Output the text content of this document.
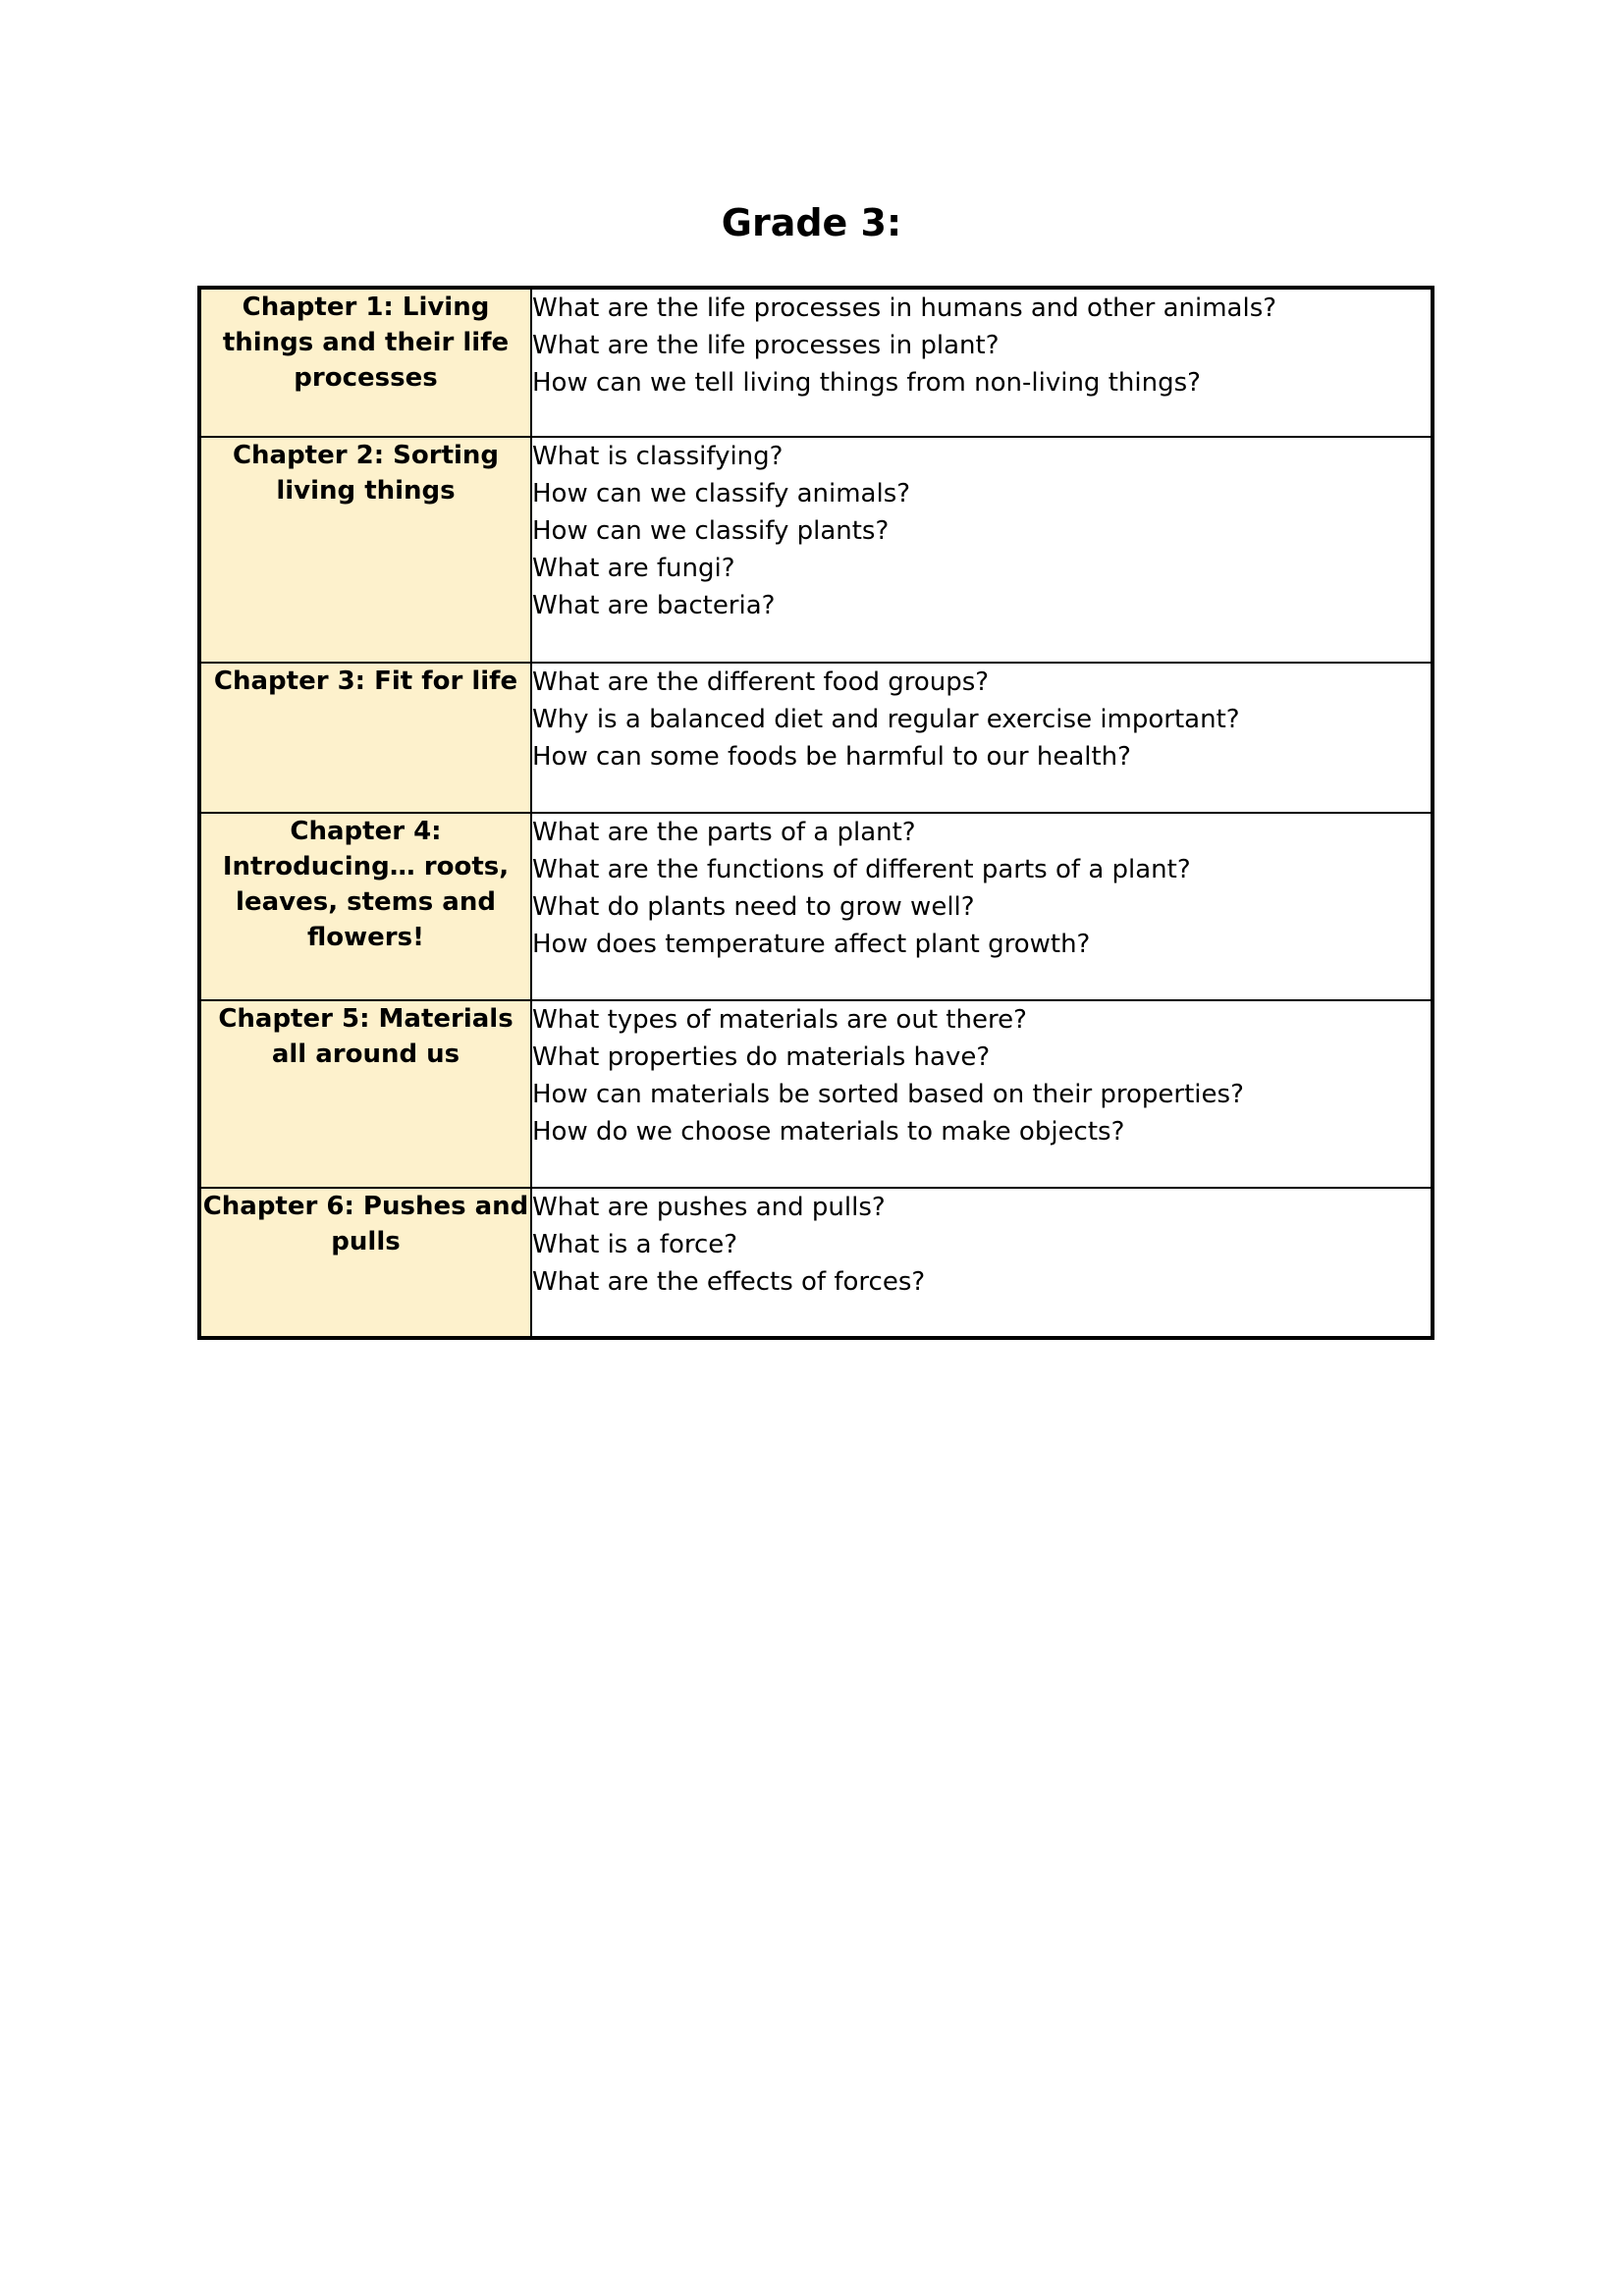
Grade 3:
Chapter 1: Living things and their life processes	What are the life processes in humans and other animals?
What are the life processes in plant?
How can we tell living things from non-living things?

Chapter 2: Sorting living things	What is classifying?
How can we classify animals?
How can we classify plants?
What are fungi?
What are bacteria?

Chapter 3: Fit for life	What are the different food groups?
Why is a balanced diet and regular exercise important?
How can some foods be harmful to our health?

Chapter 4: Introducing… roots, leaves, stems and flowers!	What are the parts of a plant?
What are the functions of different parts of a plant?
What do plants need to grow well?
How does temperature affect plant growth?

Chapter 5: Materials all around us	What types of materials are out there?
What properties do materials have?
How can materials be sorted based on their properties?
How do we choose materials to make objects?

Chapter 6: Pushes and pulls	What are pushes and pulls?
What is a force?
What are the effects of forces?
